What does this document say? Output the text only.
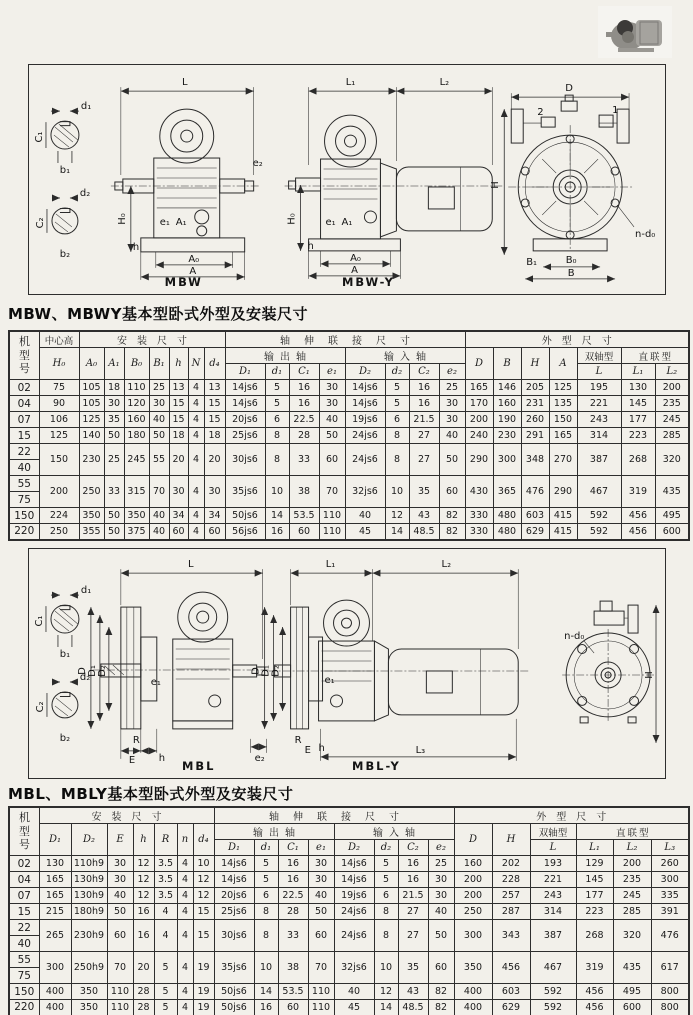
d₁
C₁
b₁
d₂
C₂
b₂
L
H₀	e₁ A₁
h
A₀
A
e₂
MBW
L₁	L₂
H₀	e₁ A₁
h
A₀
A
MBW-Y
D
2	1
H
n-d₀
B₁	B₀
B
MBW、MBWY基本型卧式外型及安装尺寸
机型号	中心高	安装尺寸							轴伸联接尺寸								外型尺寸						
	H₀	A₀	A₁	B₀	B₁	h	N	d₄	输出轴				输入轴				D	B	H	A	双轴型	直联型	
									D₁	d₁	C₁	e₁	D₂	d₂	C₂	e₂					L	L₁	L₂
02	75	105	18	110	25	13	4	13	14js6	5	16	30	14js6	5	16	25	165	146	205	125	195	130	200
04	90	105	30	120	30	15	4	15	14js6	5	16	30	14js6	5	16	30	170	160	231	135	221	145	235
07	106	125	35	160	40	15	4	15	20js6	6	22.5	40	19js6	6	21.5	30	200	190	260	150	243	177	245
15	125	140	50	180	50	18	4	18	25js6	8	28	50	24js6	8	27	40	240	230	291	165	314	223	285
22	150	230	25	245	55	20	4	20	30js6	8	33	60	24js6	8	27	50	290	300	348	270	387	268	320
40																							
55	200	250	33	315	70	30	4	30	35js6	10	38	70	32js6	10	35	60	430	365	476	290	467	319	435
75																							
150	224	350	50	350	40	34	4	34	50js6	14	53.5	110	40	12	43	82	330	480	603	415	592	456	495
220	250	355	50	375	40	60	4	60	56js6	16	60	110	45	14	48.5	82	330	480	629	415	592	456	600
d₁
C₁
b₁
d₂
C₂
b₂
L
D
D₁
D₂
e₁
R
E h	e₂
MBL
L₁	L₂
D
D₁
D₂
e₁
R
E h	L₃
MBL-Y
n-d₀
H
MBL、MBLY基本型卧式外型及安装尺寸
机型号	安装尺寸							轴伸联接尺寸								外型尺寸					
	D₁	D₂	E	h	R	n	d₄	输出轴				输入轴				D	H	双轴型	直联型		
								D₁	d₁	C₁	e₁	D₂	d₂	C₂	e₂			L	L₁	L₂	L₃
02	130	110h9	30	12	3.5	4	10	14js6	5	16	30	14js6	5	16	25	160	202	193	129	200	260
04	165	130h9	30	12	3.5	4	12	14js6	5	16	30	14js6	5	16	30	200	228	221	145	235	300
07	165	130h9	40	12	3.5	4	12	20js6	6	22.5	40	19js6	6	21.5	30	200	257	243	177	245	335
15	215	180h9	50	16	4	4	15	25js6	8	28	50	24js6	8	27	40	250	287	314	223	285	391
22	265	230h9	60	16	4	4	15	30js6	8	33	60	24js6	8	27	50	300	343	387	268	320	476
40																					
55	300	250h9	70	20	5	4	19	35js6	10	38	70	32js6	10	35	60	350	456	467	319	435	617
75																					
150	400	350	110	28	5	4	19	50js6	14	53.5	110	40	12	43	82	400	603	592	456	495	800
220	400	350	110	28	5	4	19	50js6	16	60	110	45	14	48.5	82	400	629	592	456	600	800
